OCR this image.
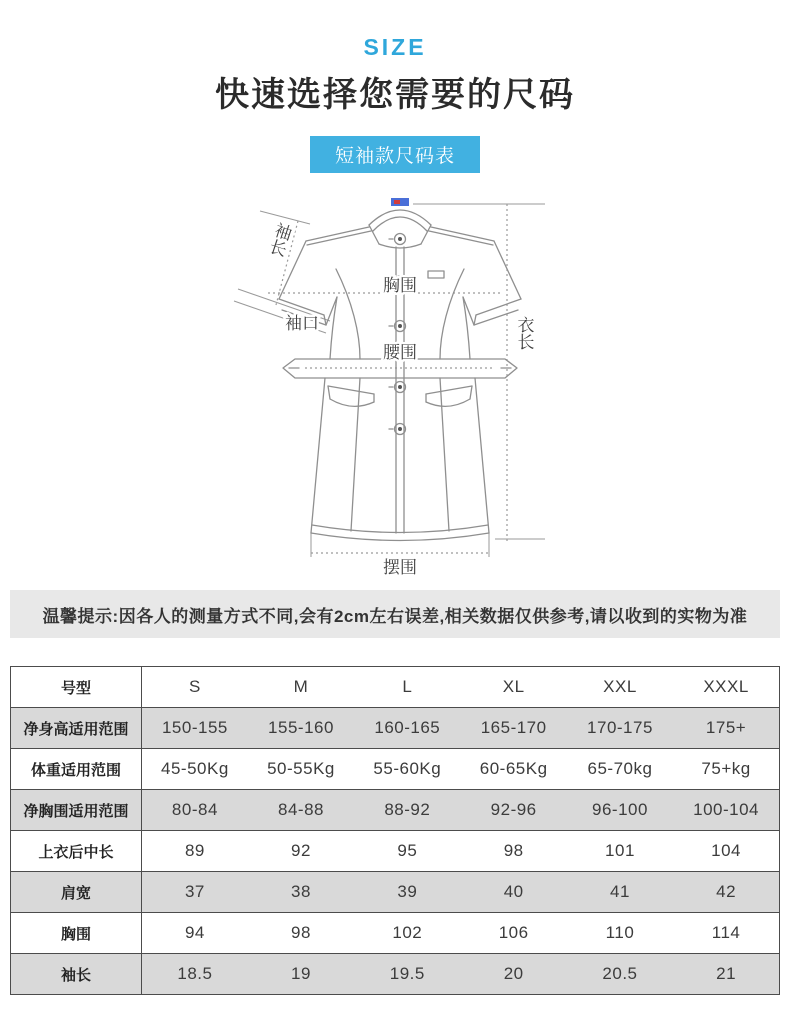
SIZE
快速选择您需要的尺码
短袖款尺码表
袖长
袖口
胸围
腰围
衣长
摆围
温馨提示:因各人的测量方式不同,会有2cm左右误差,相关数据仅供参考,请以收到的实物为准
号型	S	M	L	XL	XXL	XXXL
净身高适用范围	150-155	155-160	160-165	165-170	170-175	175+
体重适用范围	45-50Kg	50-55Kg	55-60Kg	60-65Kg	65-70kg	75+kg
净胸围适用范围	80-84	84-88	88-92	92-96	96-100	100-104
上衣后中长	89	92	95	98	101	104
肩宽	37	38	39	40	41	42
胸围	94	98	102	106	110	114
袖长	18.5	19	19.5	20	20.5	21
